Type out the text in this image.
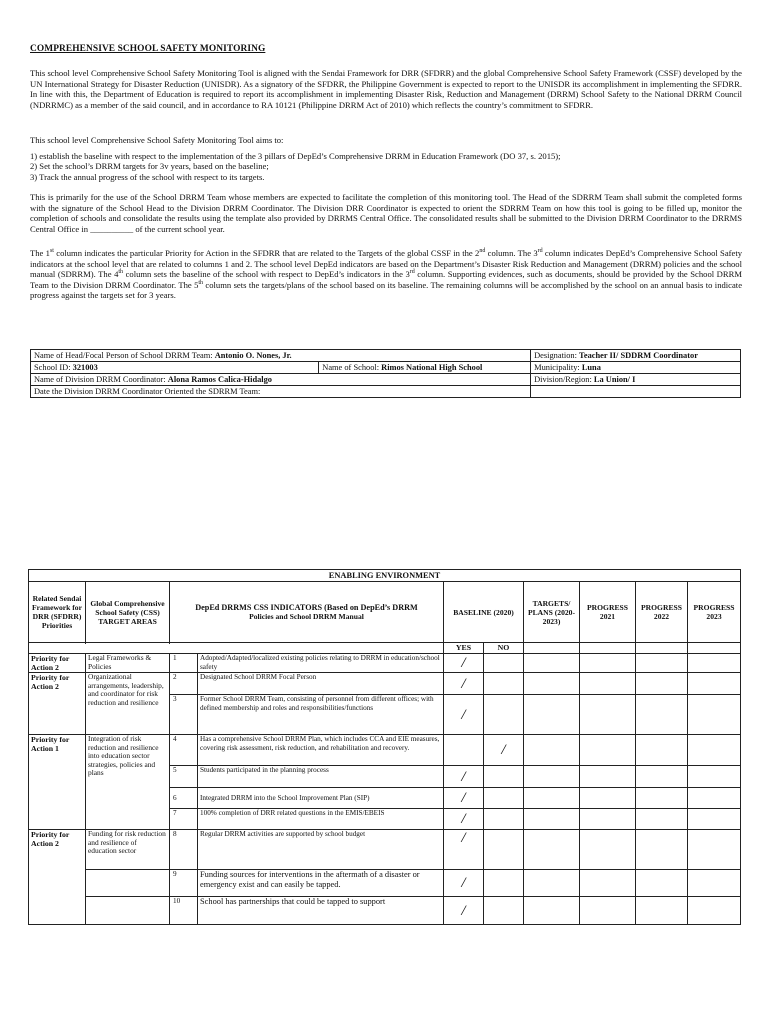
COMPREHENSIVE SCHOOL SAFETY MONITORING

This school level Comprehensive School Safety Monitoring Tool is aligned with the Sendai Framework for DRR (SFDRR) and the global Comprehensive School Safety Framework (CSSF) developed by the UN International Strategy for Disaster Reduction (UNISDR). As a signatory of the SFDRR, the Philippine Government is expected to report to the UNISDR its accomplishment in implementing the SFDRR. In line with this, the Department of Education is required to report its accomplishment in implementing Disaster Risk, Reduction and Management (DRRM) School Safety to the National DRRM Council (NDRRMC) as a member of the said council, and in accordance to RA 10121 (Philippine DRRM Act of 2010) which reflects the country’s commitment to SFDRR.

This school level Comprehensive School Safety Monitoring Tool aims to:
1) establish the baseline with respect to the implementation of the 3 pillars of DepEd’s Comprehensive DRRM in Education Framework (DO 37, s. 2015);
2) Set the school’s DRRM targets for 3v years, based on the baseline;
3) Track the annual progress of the school with respect to its targets.

This is primarily for the use of the School DRRM Team whose members are expected to facilitate the completion of this monitoring tool. The Head of the SDRRM Team shall submit the completed forms with the signature of the School Head to the Division DRRM Coordinator. The Division DRR Coordinator is expected to orient the SDRRM Team on how this tool is going to be filled up, monitor the completion of schools and consolidate the results using the template also provided by DRRMS Central Office. The consolidated results shall be submitted to the Division DRRM Coordinator to the DRRMS Central Office in __________ of the current school year.

The 1st column indicates the particular Priority for Action in the SFDRR that are related to the Targets of the global CSSF in the 2nd column. The 3rd column indicates DepEd’s Comprehensive School Safety indicators at the school level that are related to columns 1 and 2. The school level DepEd indicators are based on the Department’s Disaster Risk Reduction and Management (DRRM) policies and the school manual (SDRRM). The 4th column sets the baseline of the school with respect to DepEd’s indicators in the 3rd column. Supporting evidences, such as documents, should be provided by the School DRRM Team to the Division DRRM Coordinator. The 5th column sets the targets/plans of the school based on its baseline. The remaining columns will be accomplished by the school on an annual basis to indicate progress against the targets set for 3 years.

Name of Head/Focal Person of School DRRM Team: Antonio O. Nones, Jr.		Designation: Teacher II/ SDDRM Coordinator
School ID: 321003	Name of School: Rimos National High School	Municipality: Luna
Name of Division DRRM Coordinator: Alona Ramos Calica-Hidalgo		Division/Region: La Union/ I
Date the Division DRRM Coordinator Oriented the SDRRM Team:		
ENABLING ENVIRONMENT									
Related Sendai Framework for DRR (SFDRR) Priorities	Global Comprehensive School Safety (CSS) TARGET AREAS	DepEd DRRMS CSS INDICATORS (Based on DepEd’s DRRM
Policies and School DRRM Manual		BASELINE (2020)		TARGETS/ PLANS (2020-2023)	PROGRESS 2021	PROGRESS 2022	PROGRESS 2023

				YES	NO				
Priority for Action 2	Legal Frameworks & Policies	1	Adopted/Adapted/localized existing policies relating to DRRM in education/school safety	/					
Priority for Action 2	Organizational arrangements, leadership, and coordinator for risk reduction and resilience	2	Designated School DRRM Focal Person	/					
		3	Former School DRRM Team, consisting of personnel from different offices; with defined membership and roles and responsibilities/functions	/					
Priority for Action 1	Integration of risk reduction and resilience into education sector strategies, policies and plans	4	Has a comprehensive School DRRM Plan, which includes CCA and EIE measures, covering risk assessment, risk reduction, and rehabilitation and recovery.		/				
		5	Students participated in the planning process	/					
		6	Integrated DRRM into the School Improvement Plan (SIP)	/					
		7	100% completion of DRR related questions in the EMIS/EBEIS	/					
Priority for Action 2	Funding for risk reduction and resilience of education sector	8	Regular DRRM activities are supported by school budget	/					
		9	Funding sources for interventions in the aftermath of a disaster or emergency exist and can easily be tapped.	/					
		10	School has partnerships that could be tapped to support	/					
